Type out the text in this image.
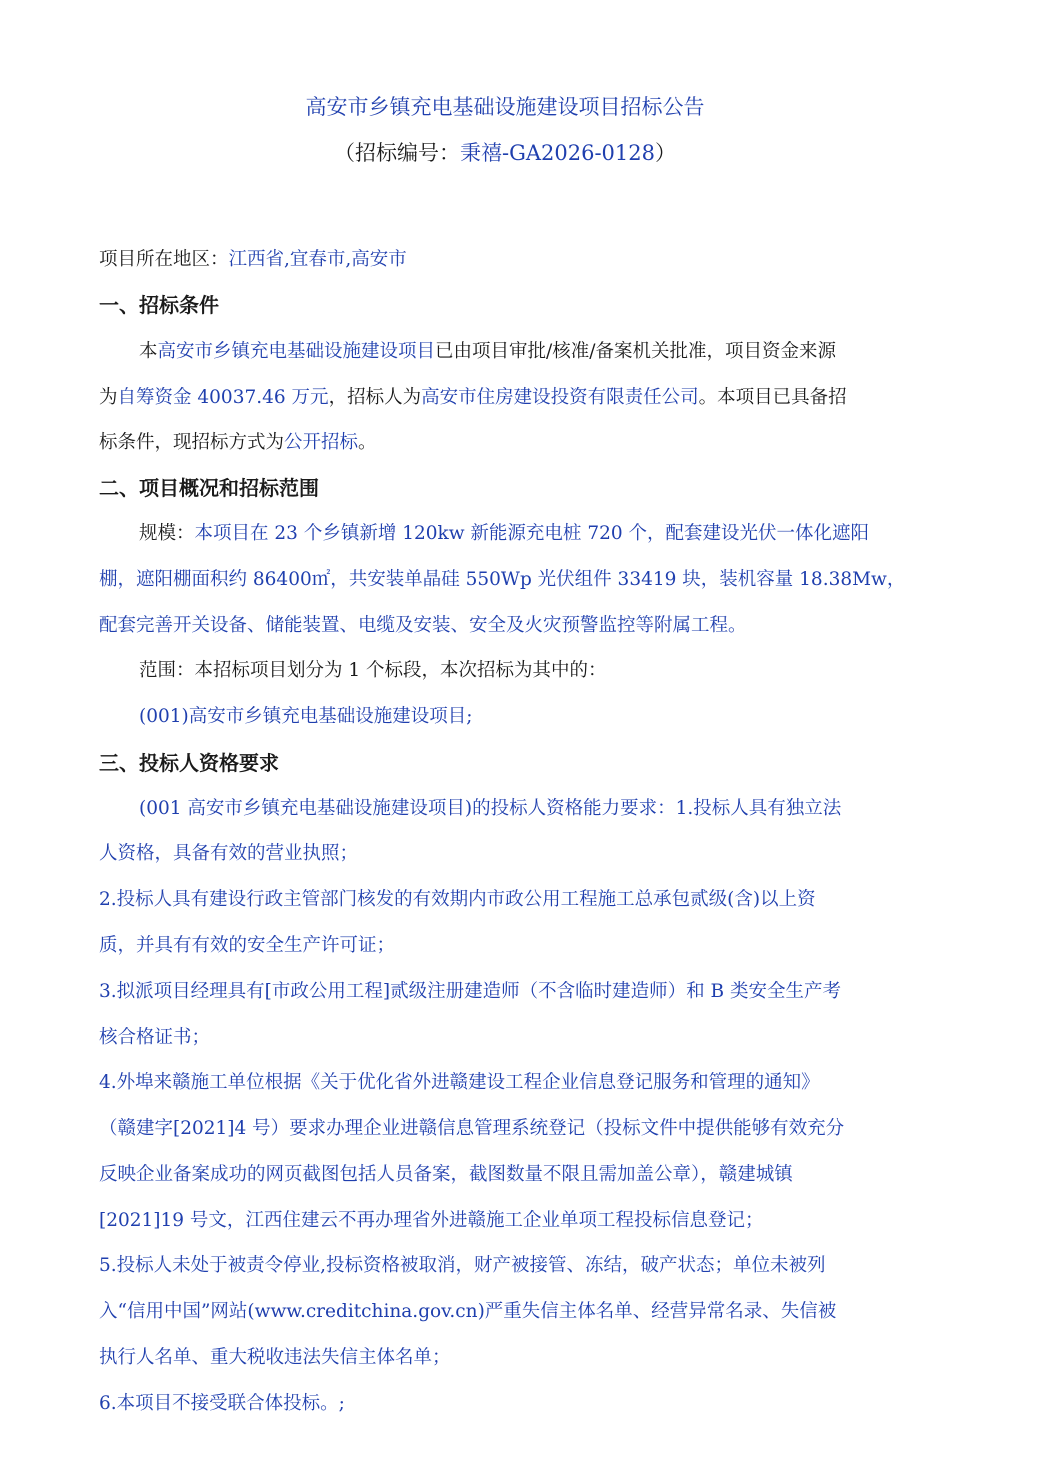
高安市乡镇充电基础设施建设项目招标公告
（招标编号：秉禧-GA2026-0128）
项目所在地区：江西省,宜春市,高安市
一、招标条件
本高安市乡镇充电基础设施建设项目已由项目审批/核准/备案机关批准，项目资金来源
为自筹资金 40037.46 万元，招标人为高安市住房建设投资有限责任公司。本项目已具备招
标条件，现招标方式为公开招标。
二、项目概况和招标范围
规模：本项目在 23 个乡镇新增 120kw 新能源充电桩 720 个，配套建设光伏一体化遮阳
棚，遮阳棚面积约 86400㎡，共安装单晶硅 550Wp 光伏组件 33419 块，装机容量 18.38Mw，
配套完善开关设备、储能装置、电缆及安装、安全及火灾预警监控等附属工程。
范围：本招标项目划分为 1 个标段，本次招标为其中的：
(001)高安市乡镇充电基础设施建设项目;
三、投标人资格要求
(001 高安市乡镇充电基础设施建设项目)的投标人资格能力要求：1.投标人具有独立法
人资格，具备有效的营业执照；
2.投标人具有建设行政主管部门核发的有效期内市政公用工程施工总承包贰级(含)以上资
质，并具有有效的安全生产许可证；
3.拟派项目经理具有[市政公用工程]贰级注册建造师（不含临时建造师）和 B 类安全生产考
核合格证书；
4.外埠来赣施工单位根据《关于优化省外进赣建设工程企业信息登记服务和管理的通知》
（赣建字[2021]4 号）要求办理企业进赣信息管理系统登记（投标文件中提供能够有效充分
反映企业备案成功的网页截图包括人员备案，截图数量不限且需加盖公章），赣建城镇
[2021]19 号文，江西住建云不再办理省外进赣施工企业单项工程投标信息登记；
5.投标人未处于被责令停业,投标资格被取消，财产被接管、冻结，破产状态；单位未被列
入“信用中国”网站(www.creditchina.gov.cn)严重失信主体名单、经营异常名录、失信被
执行人名单、重大税收违法失信主体名单；
6.本项目不接受联合体投标。;
